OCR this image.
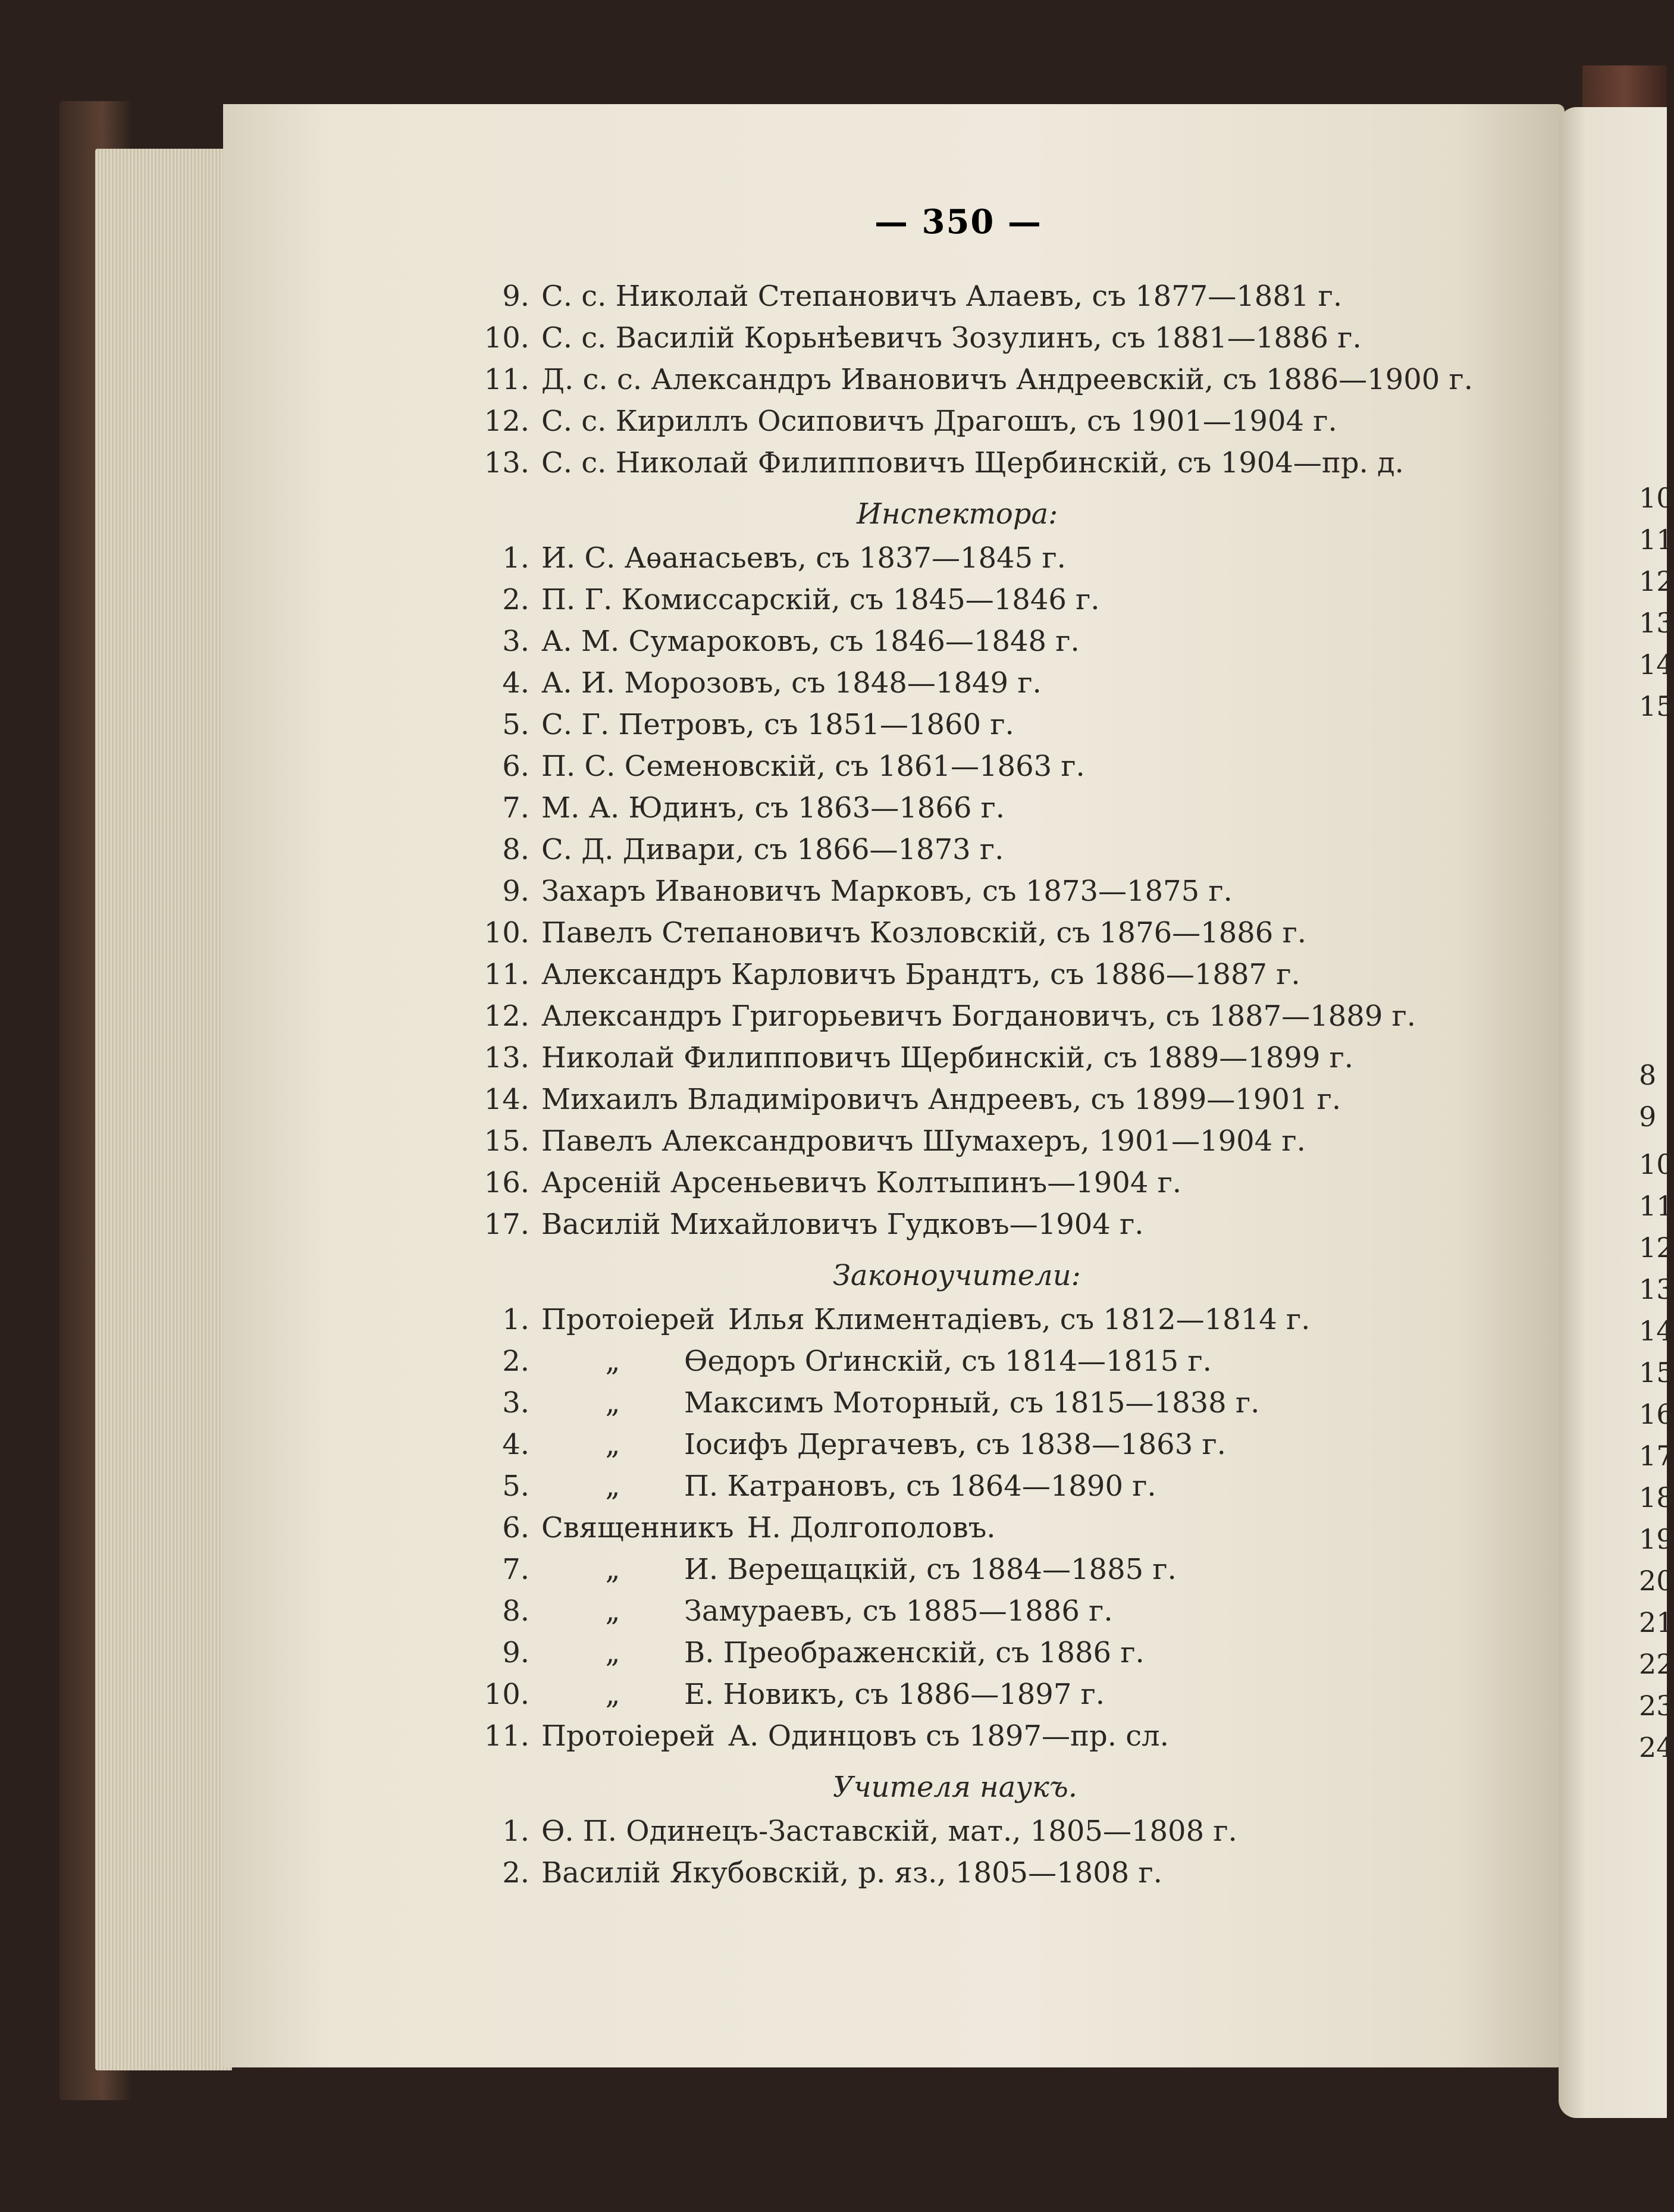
10
11
12
13
14
15
8
9
10
11
12
13
14
15
16
17
18
19
20
21
22
23
24
— 350 —
9. С. с. Николай Степановичъ Алаевъ, съ 1877—1881 г.
10. С. с. Василій Корьнѣевичъ Зозулинъ, съ 1881—1886 г.
11. Д. с. с. Александръ Ивановичъ Андреевскій, съ 1886—1900 г.
12. С. с. Кириллъ Осиповичъ Драгошъ, съ 1901—1904 г.
13. С. с. Николай Филипповичъ Щербинскій, съ 1904—пр. д.
Инспектора:
1. И. С. Аѳанасьевъ, съ 1837—1845 г.
2. П. Г. Комиссарскій, съ 1845—1846 г.
3. А. М. Сумароковъ, съ 1846—1848 г.
4. А. И. Морозовъ, съ 1848—1849 г.
5. С. Г. Петровъ, съ 1851—1860 г.
6. П. С. Семеновскій, съ 1861—1863 г.
7. М. А. Юдинъ, съ 1863—1866 г.
8. С. Д. Дивари, съ 1866—1873 г.
9. Захаръ Ивановичъ Марковъ, съ 1873—1875 г.
10. Павелъ Степановичъ Козловскій, съ 1876—1886 г.
11. Александръ Карловичъ Брандтъ, съ 1886—1887 г.
12. Александръ Григорьевичъ Богдановичъ, съ 1887—1889 г.
13. Николай Филипповичъ Щербинскій, съ 1889—1899 г.
14. Михаилъ Владиміровичъ Андреевъ, съ 1899—1901 г.
15. Павелъ Александровичъ Шумахеръ, 1901—1904 г.
16. Арсеній Арсеньевичъ Колтыпинъ—1904 г.
17. Василій Михайловичъ Гудковъ—1904 г.
Законоучители:
1. Протоіерей Илья Климентадіевъ, съ 1812—1814 г.
2.	„ Ѳедоръ Оґинскій, съ 1814—1815 г.
3.	„ Максимъ Моторный, съ 1815—1838 г.
4.	„ Іосифъ Дергачевъ, съ 1838—1863 г.
5.	„ П. Катрановъ, съ 1864—1890 г.
6. Священникъ Н. Долгополовъ.
7.	„ И. Верещацкій, съ 1884—1885 г.
8.	„ Замураевъ, съ 1885—1886 г.
9.	„ В. Преображенскій, съ 1886 г.
10.	„ Е. Новикъ, съ 1886—1897 г.
11. Протоіерей А. Одинцовъ съ 1897—пр. сл.
Учителя наукъ.
1. Ѳ. П. Одинецъ-Заставскій, мат., 1805—1808 г.
2. Василій Якубовскій, р. яз., 1805—1808 г.
